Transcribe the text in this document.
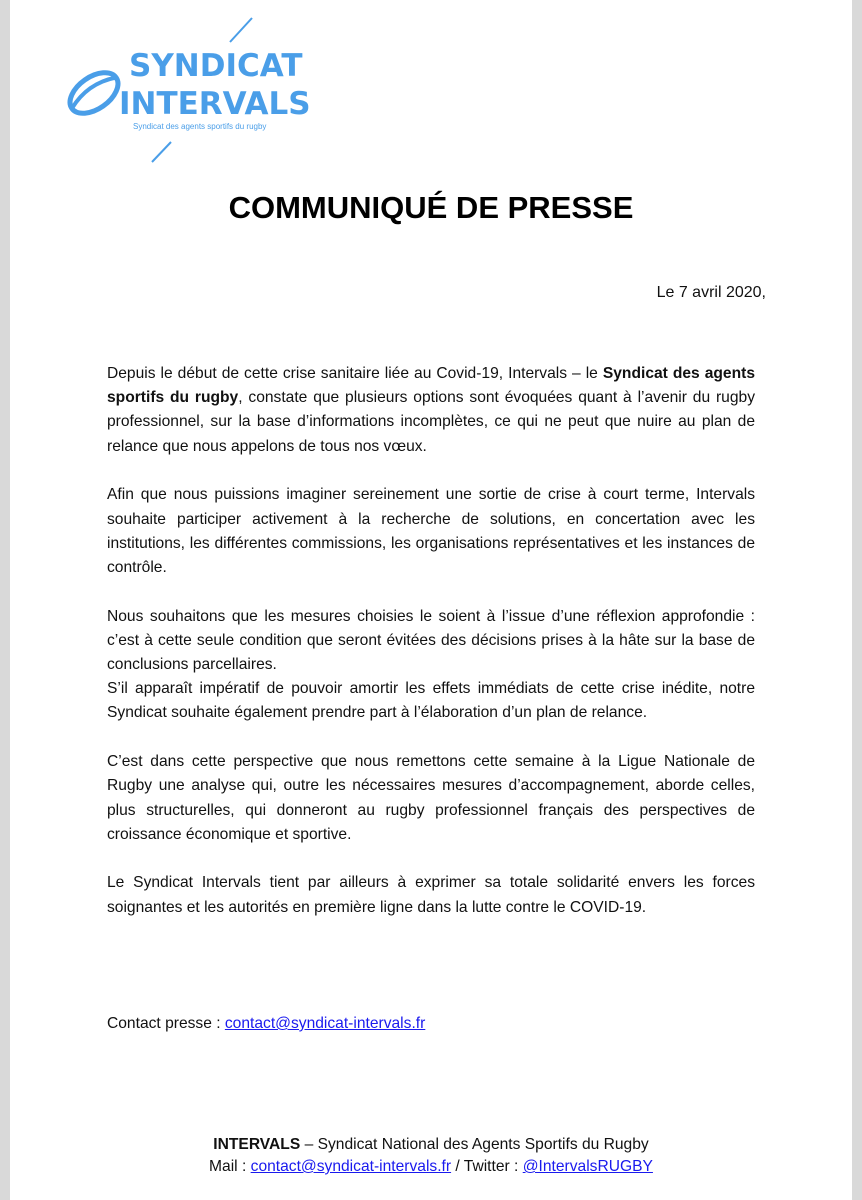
SYNDICAT
INTERVALS
Syndicat des agents sportifs du rugby
COMMUNIQUÉ DE PRESSE
Le 7 avril 2020,

Depuis le début de cette crise sanitaire liée au Covid-19, Intervals – le Syndicat des agents sportifs du rugby, constate que plusieurs options sont évoquées quant à l’avenir du rugby professionnel, sur la base d’informations incomplètes, ce qui ne peut que nuire au plan de relance que nous appelons de tous nos vœux.

Afin que nous puissions imaginer sereinement une sortie de crise à court terme, Intervals souhaite participer activement à la recherche de solutions, en concertation avec les institutions, les différentes commissions, les organisations représentatives et les instances de contrôle.

Nous souhaitons que les mesures choisies le soient à l’issue d’une réflexion approfondie : c’est à cette seule condition que seront évitées des décisions prises à la hâte sur la base de conclusions parcellaires.

S’il apparaît impératif de pouvoir amortir les effets immédiats de cette crise inédite, notre Syndicat souhaite également prendre part à l’élaboration d’un plan de relance.

C’est dans cette perspective que nous remettons cette semaine à la Ligue Nationale de Rugby une analyse qui, outre les nécessaires mesures d’accompagnement, aborde celles, plus structurelles, qui donneront au rugby professionnel français des perspectives de croissance économique et sportive.

Le Syndicat Intervals tient par ailleurs à exprimer sa totale solidarité envers les forces soignantes et les autorités en première ligne dans la lutte contre le COVID-19.

Contact presse : contact@syndicat-intervals.fr
INTERVALS – Syndicat National des Agents Sportifs du Rugby
Mail : contact@syndicat-intervals.fr / Twitter : @IntervalsRUGBY
